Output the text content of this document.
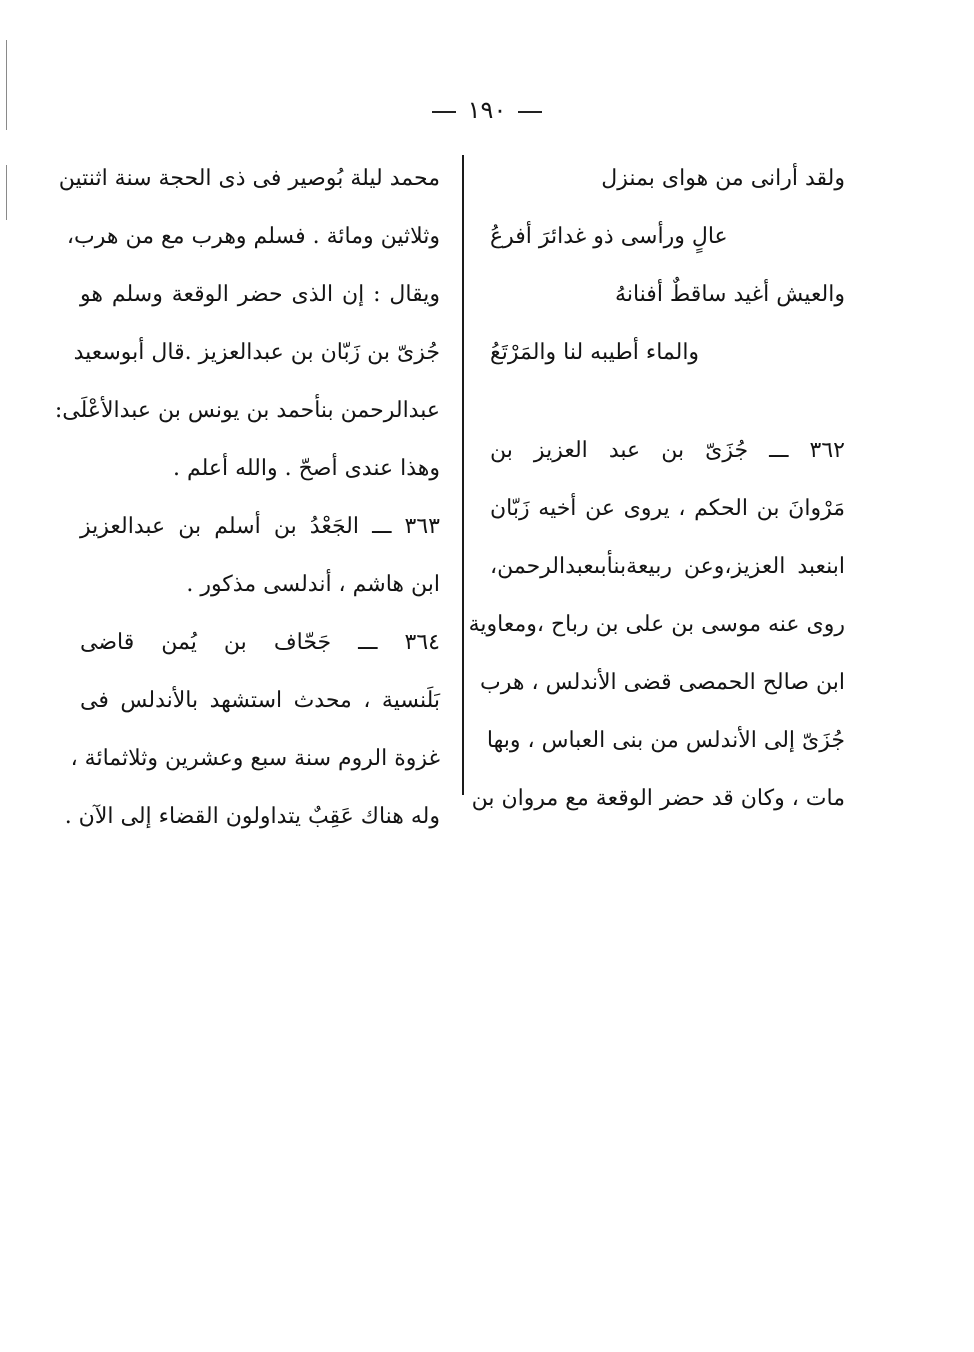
١٩٠
ولقد أرانى من هواى بمنزل
عالٍ ورأسى ذو غدائرَ أفرعُ
والعيش أغيد ساقطٌ أفنانهُ
والماء أطيبه لنا والمَرْتَعُ
٣٦٢ ـــ جُزَىّ بن عبد العزيز بن
مَرْوانَ بن الحكم ، يروى عن أخيه زَبّان
ابنعبد العزيز،وعن ربيعةبنأبىعبدالرحمن،
روى عنه موسى بن على بن رباح ،ومعاوية
ابن صالح الحمصى قضى الأندلس ، هرب
جُزَىّ إلى الأندلس من بنى العباس ، وبها
مات ، وكان قد حضر الوقعة مع مروان بن
محمد ليلة بُوصير فى ذى الحجة سنة اثنتين
وثلاثين ومائة . فسلم وهرب مع من هرب،
ويقال : إن الذى حضر الوقعة وسلم هو
جُزىّ بن زَبّان بن عبدالعزيز .قال أبوسعيد
عبدالرحمن بنأحمد بن يونس بن عبدالأعْلَى:
وهذا عندى أصحّ . والله أعلم .
٣٦٣ ـــ الجَعْدُ بن أسلم بن عبدالعزيز
ابن هاشم ، أندلسى مذكور .
٣٦٤ ـــ جَحّاف بن يُمن قاضى
بَلَنسية ، محدث استشهد بالأندلس فى
غزوة الروم سنة سبع وعشرين وثلاثمائة ،
وله هناك عَقِبٌ يتداولون القضاء إلى الآن .
